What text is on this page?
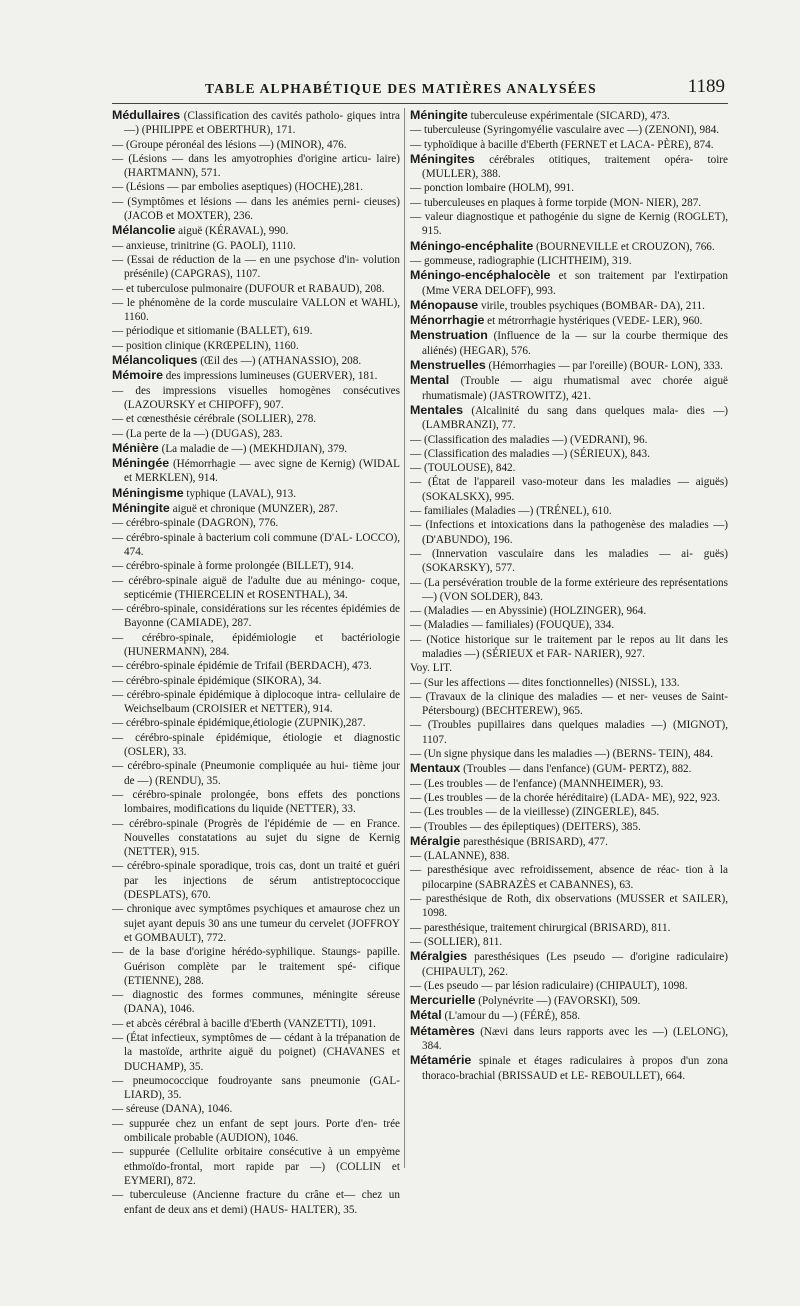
TABLE ALPHABÉTIQUE DES MATIÈRES ANALYSÉES	1189

Médullaires (Classification des cavités patholo- giques intra —) (PHILIPPE et OBERTHUR), 171.

— (Groupe péronéal des lésions —) (MINOR), 476.

— (Lésions — dans les amyotrophies d'origine articu- laire) (HARTMANN), 571.

— (Lésions — par embolies aseptiques) (HOCHE),281.

— (Symptômes et lésions — dans les anémies perni- cieuses) (JACOB et MOXTER), 236.

Mélancolie aiguë (KÉRAVAL), 990.

— anxieuse, trinitrine (G. PAOLI), 1110.

— (Essai de réduction de la — en une psychose d'in- volution présénile) (CAPGRAS), 1107.

— et tuberculose pulmonaire (DUFOUR et RABAUD), 208.

— le phénomène de la corde musculaire VALLON et WAHL), 1160.

— périodique et sitiomanie (BALLET), 619.

— position clinique (KRŒPELIN), 1160.

Mélancoliques (Œil des —) (ATHANASSIO), 208.

Mémoire des impressions lumineuses (GUERVER), 181.

— des impressions visuelles homogènes consécutives (LAZOURSKY et CHIPOFF), 907.

— et cœnesthésie cérébrale (SOLLIER), 278.

— (La perte de la —) (DUGAS), 283.

Ménière (La maladie de —) (MEKHDJIAN), 379.

Méningée (Hémorrhagie — avec signe de Kernig) (WIDAL et MERKLEN), 914.

Méningisme typhique (LAVAL), 913.

Méningite aiguë et chronique (MUNZER), 287.

— cérébro-spinale (DAGRON), 776.

— cérébro-spinale à bacterium coli commune (D'AL- LOCCO), 474.

— cérébro-spinale à forme prolongée (BILLET), 914.

— cérébro-spinale aiguë de l'adulte due au méningo- coque, septicémie (THIERCELIN et ROSENTHAL), 34.

— cérébro-spinale, considérations sur les récentes épidémies de Bayonne (CAMIADE), 287.

— cérébro-spinale, épidémiologie et bactériologie (HUNERMANN), 284.

— cérébro-spinale épidémie de Trifail (BERDACH), 473.

— cérébro-spinale épidémique (SIKORA), 34.

— cérébro-spinale épidémique à diplocoque intra- cellulaire de Weichselbaum (CROISIER et NETTER), 914.

— cérébro-spinale épidémique,étiologie (ZUPNIK),287.

— cérébro-spinale épidémique, étiologie et diagnostic (OSLER), 33.

— cérébro-spinale (Pneumonie compliquée au hui- tième jour de —) (RENDU), 35.

— cérébro-spinale prolongée, bons effets des ponctions lombaires, modifications du liquide (NETTER), 33.

— cérébro-spinale (Progrès de l'épidémie de — en France. Nouvelles constatations au sujet du signe de Kernig (NETTER), 915.

— cérébro-spinale sporadique, trois cas, dont un traité et guéri par les injections de sérum antistreptococcique (DESPLATS), 670.

— chronique avec symptômes psychiques et amaurose chez un sujet ayant depuis 30 ans une tumeur du cervelet (JOFFROY et GOMBAULT), 772.

— de la base d'origine hérédo-syphilique. Staungs- papille. Guérison complète par le traitement spé- cifique (ETIENNE), 288.

— diagnostic des formes communes, méningite séreuse (DANA), 1046.

— et abcès cérébral à bacille d'Eberth (VANZETTI), 1091.

— (État infectieux, symptômes de — cédant à la trépanation de la mastoïde, arthrite aiguë du poignet) (CHAVANES et DUCHAMP), 35.

— pneumococcique foudroyante sans pneumonie (GAL- LIARD), 35.

— séreuse (DANA), 1046.

— suppurée chez un enfant de sept jours. Porte d'en- trée ombilicale probable (AUDION), 1046.

— suppurée (Cellulite orbitaire consécutive à un empyème ethmoïdo-frontal, mort rapide par —) (COLLIN et EYMERI), 872.

— tuberculeuse (Ancienne fracture du crâne et— chez un enfant de deux ans et demi) (HAUS- HALTER), 35.

Méningite tuberculeuse expérimentale (SICARD), 473.

— tuberculeuse (Syringomyélie vasculaire avec —) (ZENONI), 984.

— typhoïdique à bacille d'Eberth (FERNET et LACA- PÈRE), 874.

Méningites cérébrales otitiques, traitement opéra- toire (MULLER), 388.

— ponction lombaire (HOLM), 991.

— tuberculeuses en plaques à forme torpide (MON- NIER), 287.

— valeur diagnostique et pathogénie du signe de Kernig (ROGLET), 915.

Méningo-encéphalite (BOURNEVILLE et CROUZON), 766.

— gommeuse, radiographie (LICHTHEIM), 319.

Méningo-encéphalocèle et son traitement par l'extirpation (Mme VERA DELOFF), 993.

Ménopause virile, troubles psychiques (BOMBAR- DA), 211.

Ménorrhagie et métrorrhagie hystériques (VEDE- LER), 960.

Menstruation (Influence de la — sur la courbe thermique des aliénés) (HEGAR), 576.

Menstruelles (Hémorrhagies — par l'oreille) (BOUR- LON), 333.

Mental (Trouble — aigu rhumatismal avec chorée aiguë rhumatismale) (JASTROWITZ), 421.

Mentales (Alcalinité du sang dans quelques mala- dies —) (LAMBRANZI), 77.

— (Classification des maladies —) (VEDRANI), 96.

— (Classification des maladies —) (SÉRIEUX), 843.

— (TOULOUSE), 842.

— (État de l'appareil vaso-moteur dans les maladies — aiguës) (SOKALSKX), 995.

— familiales (Maladies —) (TRÉNEL), 610.

— (Infections et intoxications dans la pathogenèse des maladies —) (D'ABUNDO), 196.

— (Innervation vasculaire dans les maladies — ai- guës) (SOKARSKY), 577.

— (La persévération trouble de la forme extérieure des représentations —) (VON SOLDER), 843.

— (Maladies — en Abyssinie) (HOLZINGER), 964.

— (Maladies — familiales) (FOUQUE), 334.

— (Notice historique sur le traitement par le repos au lit dans les maladies —) (SÉRIEUX et FAR- NARIER), 927.

Voy. LIT.

— (Sur les affections — dites fonctionnelles) (NISSL), 133.

— (Travaux de la clinique des maladies — et ner- veuses de Saint-Pétersbourg) (BECHTEREW), 965.

— (Troubles pupillaires dans quelques maladies —) (MIGNOT), 1107.

— (Un signe physique dans les maladies —) (BERNS- TEIN), 484.

Mentaux (Troubles — dans l'enfance) (GUM- PERTZ), 882.

— (Les troubles — de l'enfance) (MANNHEIMER), 93.

— (Les troubles — de la chorée héréditaire) (LADA- ME), 922, 923.

— (Les troubles — de la vieillesse) (ZINGERLE), 845.

— (Troubles — des épileptiques) (DEITERS), 385.

Méralgie paresthésique (BRISARD), 477.

— (LALANNE), 838.

— paresthésique avec refroidissement, absence de réac- tion à la pilocarpine (SABRAZÈS et CABANNES), 63.

— paresthésique de Roth, dix observations (MUSSER et SAILER), 1098.

— paresthésique, traitement chirurgical (BRISARD), 811.

— (SOLLIER), 811.

Méralgies paresthésiques (Les pseudo — d'origine radiculaire) (CHIPAULT), 262.

— (Les pseudo — par lésion radiculaire) (CHIPAULT), 1098.

Mercurielle (Polynévrite —) (FAVORSKI), 509.

Métal (L'amour du —) (FÉRÉ), 858.

Métamères (Nævi dans leurs rapports avec les —) (LELONG), 384.

Métamérie spinale et étages radiculaires à propos d'un zona thoraco-brachial (BRISSAUD et LE- REBOULLET), 664.
